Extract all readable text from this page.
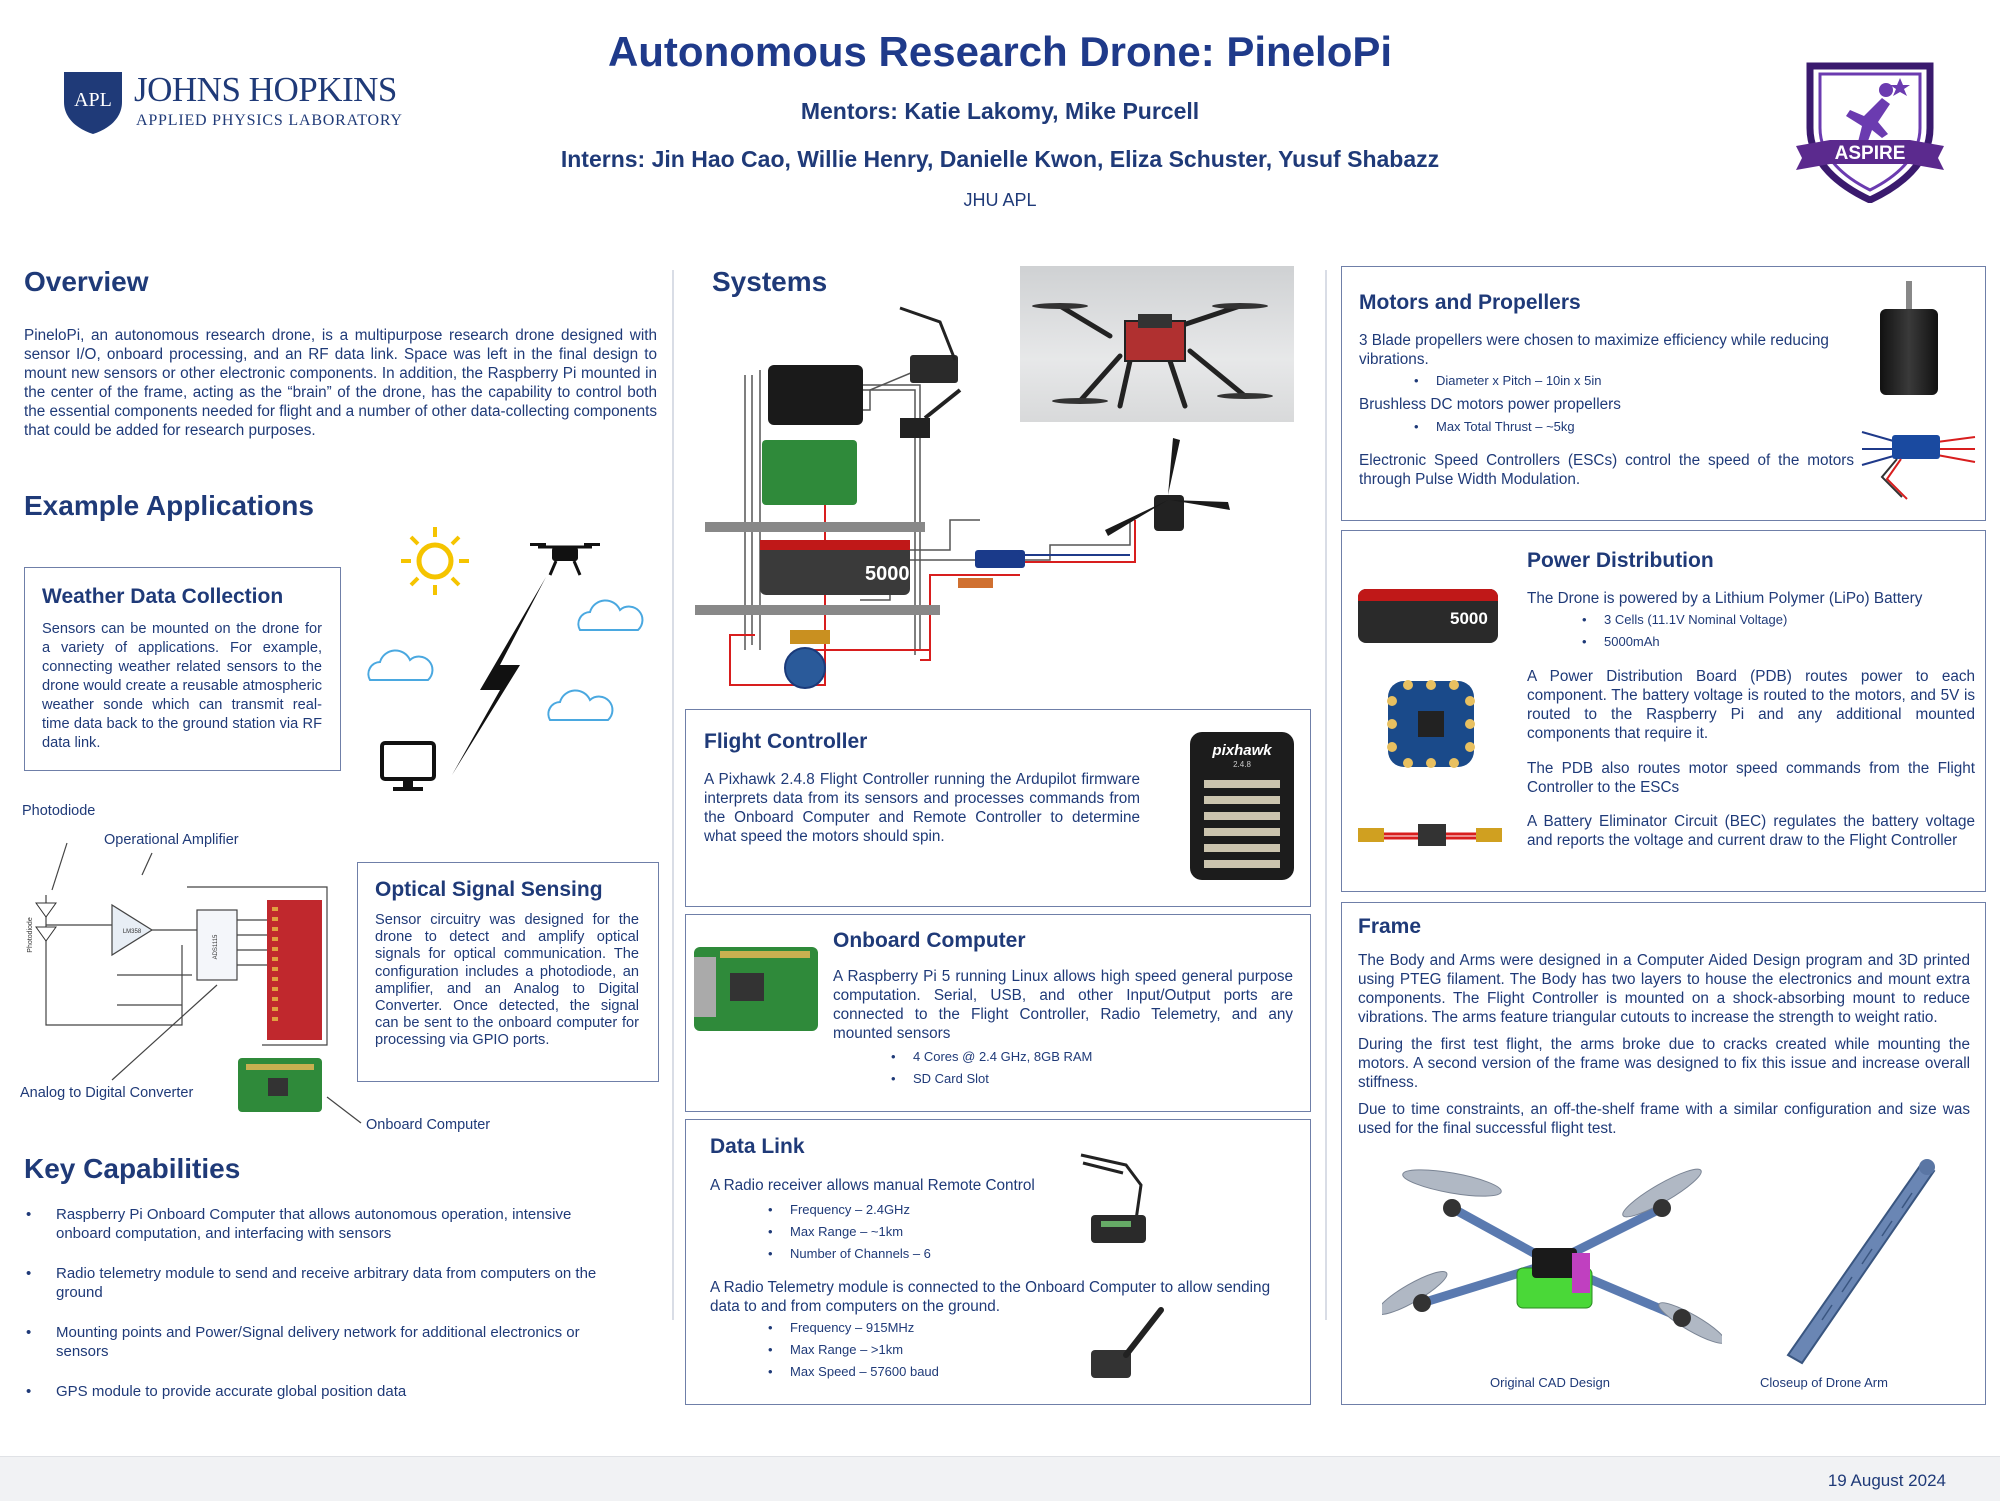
APL JOHNS HOPKINS
APPLIED PHYSICS LABORATORY
Autonomous Research Drone: PineloPi
Mentors: Katie Lakomy, Mike Purcell
Interns: Jin Hao Cao, Willie Henry, Danielle Kwon, Eliza Schuster, Yusuf Shabazz
JHU APL
ASPIRE
Overview
PineloPi, an autonomous research drone, is a multipurpose research drone designed with sensor I/O, onboard processing, and an RF data link. Space was left in the final design to mount new sensors or other electronic components. In addition, the Raspberry Pi mounted in the center of the frame, acting as the “brain” of the drone, has the capability to control both the essential components needed for flight and a number of other data-collecting components that could be added for research purposes.
Example Applications
Weather Data Collection
Sensors can be mounted on the drone for a variety of applications. For example, connecting weather related sensors to the drone would create a reusable atmospheric weather sonde which can transmit real-time data back to the ground station via RF data link.
Photodiode
Operational Amplifier
LM358
ADS1115
Photodiode
Analog to Digital Converter
Onboard Computer
Optical Signal Sensing
Sensor circuitry was designed for the drone to detect and amplify optical signals for optical communication. The configuration includes a photodiode, an amplifier, and an Analog to Digital Converter. Once detected, the signal can be sent to the onboard computer for processing via GPIO ports.
Key Capabilities
• Raspberry Pi Onboard Computer that allows autonomous operation, intensive onboard computation, and interfacing with sensors
• Radio telemetry module to send and receive arbitrary data from computers on the ground
• Mounting points and Power/Signal delivery network for additional electronics or sensors
• GPS module to provide accurate global position data
Systems
5000
Flight Controller
A Pixhawk 2.4.8 Flight Controller running the Ardupilot firmware interprets data from its sensors and processes commands from the Onboard Computer and Remote Controller to determine what speed the motors should spin.
pixhawk
2.4.8
Onboard Computer
A Raspberry Pi 5 running Linux allows high speed general purpose computation. Serial, USB, and other Input/Output ports are connected to the Flight Controller, Radio Telemetry, and any mounted sensors
• 4 Cores @ 2.4 GHz, 8GB RAM
• SD Card Slot
Data Link
A Radio receiver allows manual Remote Control
• Frequency – 2.4GHz
• Max Range – ~1km
• Number of Channels – 6
A Radio Telemetry module is connected to the Onboard Computer to allow sending data to and from computers on the ground.
• Frequency – 915MHz
• Max Range – >1km
• Max Speed – 57600 baud
Motors and Propellers
3 Blade propellers were chosen to maximize efficiency while reducing vibrations.
• Diameter x Pitch – 10in x 5in
Brushless DC motors power propellers
• Max Total Thrust – ~5kg
Electronic Speed Controllers (ESCs) control the speed of the motors through Pulse Width Modulation.
Power Distribution
The Drone is powered by a Lithium Polymer (LiPo) Battery
• 3 Cells (11.1V Nominal Voltage)
• 5000mAh
A Power Distribution Board (PDB) routes power to each component. The battery voltage is routed to the motors, and 5V is routed to the Raspberry Pi and any additional mounted components that require it.
The PDB also routes motor speed commands from the Flight Controller to the ESCs
A Battery Eliminator Circuit (BEC) regulates the battery voltage and reports the voltage and current draw to the Flight Controller
5000
Frame
The Body and Arms were designed in a Computer Aided Design program and 3D printed using PTEG filament. The Body has two layers to house the electronics and mount extra components. The Flight Controller is mounted on a shock-absorbing mount to reduce vibrations. The arms feature triangular cutouts to increase the strength to weight ratio.
During the first test flight, the arms broke due to cracks created while mounting the motors. A second version of the frame was designed to fix this issue and increase overall stiffness.
Due to time constraints, an off-the-shelf frame with a similar configuration and size was used for the final successful flight test.
Original CAD Design	Closeup of Drone Arm
19 August 2024
